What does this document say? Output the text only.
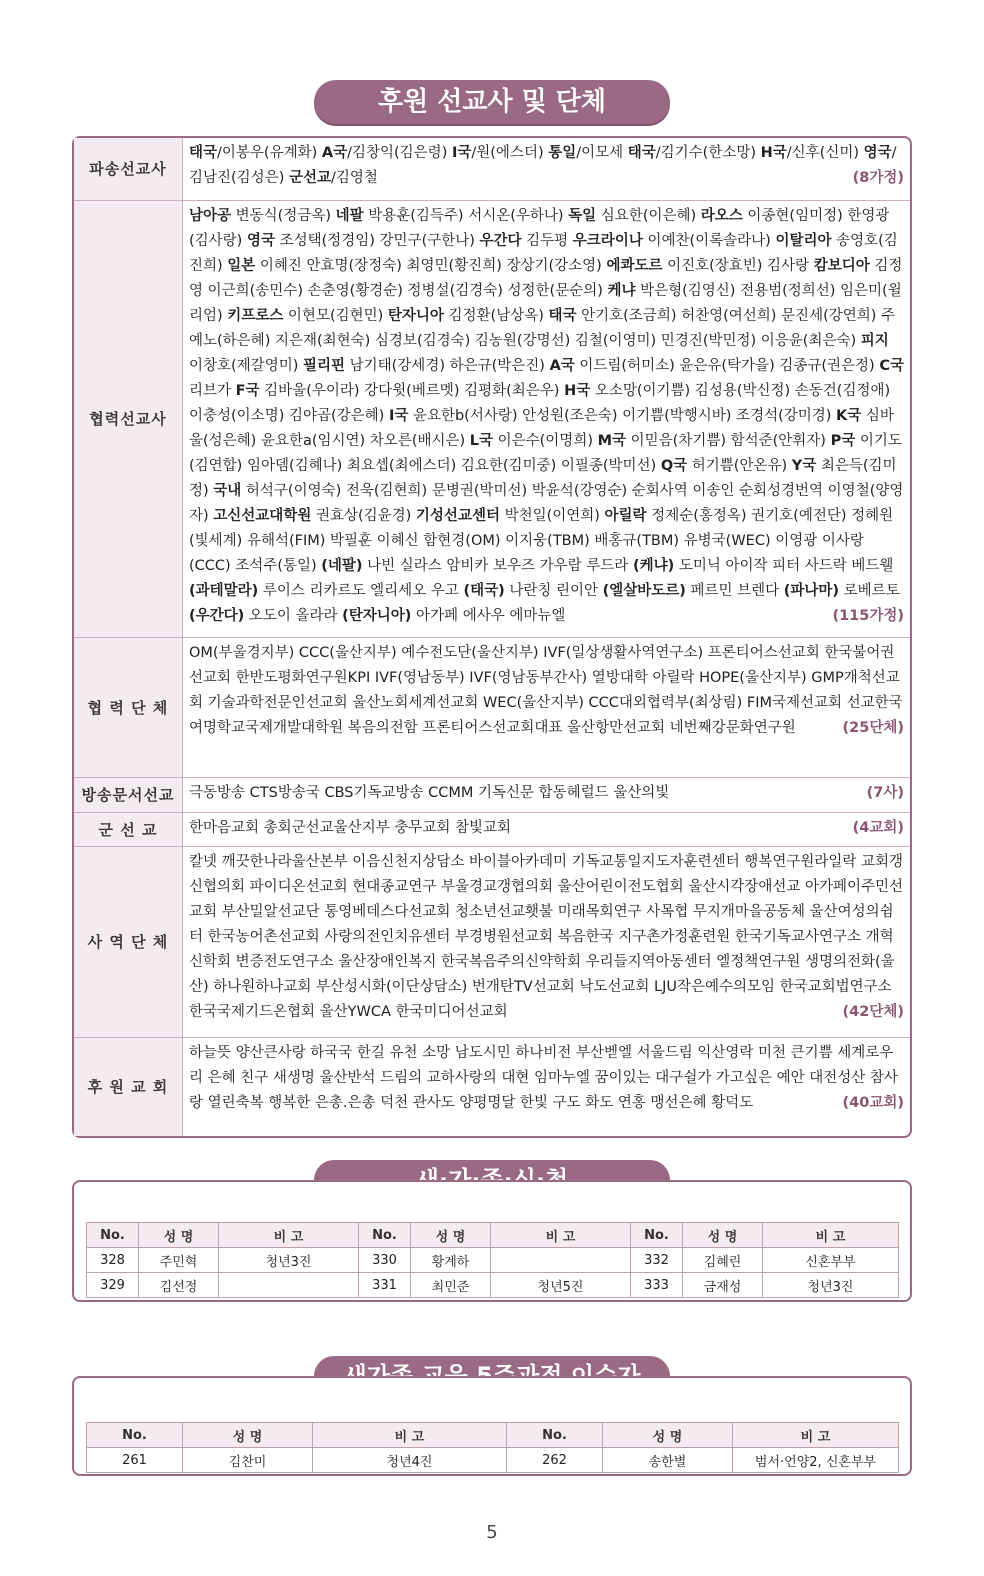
후원 선교사 및 단체
파송선교사	태국/이봉우(유계화) A국/김창익(김은령) I국/원(에스더) 통일/이모세 태국/김기수(한소망) H국/신후(신미) 영국/김남진(김성은) 군선교/김영철 (8가정)

협력선교사	남아공 변동식(정금옥) 네팔 박용훈(김득주) 서시온(우하나) 독일 심요한(이은혜) 라오스 이종현(임미정) 한영광(김사랑) 영국 조성택(정경임) 강민구(구한나) 우간다 김두평 우크라이나 이예찬(이록솔라나) 이탈리아 송영호(김진희) 일본 이혜진 안효명(장정숙) 최영민(황진희) 장상기(강소영) 에콰도르 이진호(장효빈) 김사랑 캄보디아 김정영 이근희(송민수) 손춘영(황경순) 정병설(김경숙) 성정한(문순의) 케냐 박은형(김영신) 전용범(정희선) 임은미(윌리엄) 키프로스 이현모(김현민) 탄자니아 김정환(남상옥) 태국 안기호(조금희) 허찬영(여선희) 문진세(강연희) 주예노(하은혜) 지은재(최현숙) 심경보(김경숙) 김농원(강명선) 김철(이영미) 민경진(박민정) 이응윤(최은숙) 피지 이창호(제갈영미) 필리핀 남기태(강세경) 하은규(박은진) A국 이드림(허미소) 윤은유(탁가을) 김종규(권은정) C국 리브가 F국 김바울(우이라) 강다윗(베르멧) 김평화(최은우) H국 오소망(이기쁨) 김성용(박신정) 손동건(김정애) 이충성(이소명) 김야곱(강은혜) I국 윤요한b(서사랑) 안성원(조은숙) 이기쁨(박행시바) 조경석(강미경) K국 심바울(성은혜) 윤요한a(임시연) 차오른(배시은) L국 이은수(이명희) M국 이믿음(차기쁨) 함석준(안휘자) P국 이기도(김연합) 임아뎀(김혜나) 최요셉(최에스더) 김요한(김미중) 이필종(박미선) Q국 허기쁨(안온유) Y국 최은득(김미정) 국내 허석구(이영숙) 전욱(김현희) 문병권(박미선) 박윤석(강영순) 순회사역 이송인 순회성경번역 이영철(양영자) 고신선교대학원 권효상(김윤경) 기성선교센터 박천일(이연희) 아릴락 정제순(홍정옥) 권기호(예전단) 정혜원(빛세계) 유해석(FIM) 박필훈 이혜신 함현경(OM) 이지웅(TBM) 배홍규(TBM) 유병국(WEC) 이영광 이사랑(CCC) 조석주(통일) (네팔) 나빈 실라스 암비카 보우즈 가우람 루드라 (케냐) 도미닉 아이작 피터 사드락 베드웰 (과테말라) 루이스 리카르도 엘리세오 우고 (태국) 나란칭 린이안 (엘살바도르) 페르민 브렌다 (파나마) 로베르토 (우간다) 오도이 올라라 (탄자니아) 아가페 에사우 에마뉴엘 (115가정)

협 력 단 체	OM(부울경지부) CCC(울산지부) 예수전도단(울산지부) IVF(일상생활사역연구소) 프론티어스선교회 한국불어권선교회 한반도평화연구원KPI IVF(영남동부) IVF(영남동부간사) 열방대학 아릴락 HOPE(울산지부) GMP개척선교회 기술과학전문인선교회 울산노회세계선교회 WEC(울산지부) CCC대외협력부(최상림) FIM국제선교회 선교한국 여명학교국제개발대학원 복음의전함 프론티어스선교회대표 울산항만선교회 네번째강문화연구원 (25단체)

방송문서선교	극동방송 CTS방송국 CBS기독교방송 CCMM 기독신문 합동헤럴드 울산의빛 (7사)

군 선 교	한마음교회 총회군선교울산지부 충무교회 참빛교회 (4교회)

사 역 단 체	칼넷 깨끗한나라울산본부 이음신천지상담소 바이블아카데미 기독교통일지도자훈련센터 행복연구원라일락 교회갱신협의회 파이디온선교회 현대종교연구 부울경교갱협의회 울산어린이전도협회 울산시각장애선교 아가페이주민선교회 부산밀알선교단 통영베데스다선교회 청소년선교횃불 미래목회연구 사목협 무지개마을공동체 울산여성의쉼터 한국농어촌선교회 사랑의전인치유센터 부경병원선교회 복음한국 지구촌가정훈련원 한국기독교사연구소 개혁신학회 변증전도연구소 울산장애인복지 한국복음주의신약학회 우리들지역아동센터 엘정책연구원 생명의전화(울산) 하나원하나교회 부산성시화(이단상담소) 번개탄TV선교회 낙도선교회 LJU작은예수의모임 한국교회법연구소 한국국제기드온협회 울산YWCA 한국미디어선교회 (42단체)

후 원 교 회	하늘뜻 양산큰사랑 하국국 한길 유천 소망 남도시민 하나비전 부산벧엘 서울드림 익산영락 미천 큰기쁨 세계로우리 은혜 친구 새생명 울산반석 드림의 교하사랑의 대현 임마누엘 꿈이있는 대구쉴가 가고싶은 예안 대전성산 참사랑 열린축복 행복한 은총.은총 덕천 관사도 양평명달 한빛 구도 화도 연홍 맹선은혜 황덕도 (40교회)
No.	성 명	비 고	No.	성 명	비 고	No.	성 명	비 고
328	주민혁	청년3진	330	황계하		332	김혜린	신혼부부
329	김선정		331	최민준	청년5진	333	금재성	청년3진
No.	성 명	비 고	No.	성 명	비 고
261	김찬미	청년4진	262	송한별	범서·언양2, 신혼부부
5
